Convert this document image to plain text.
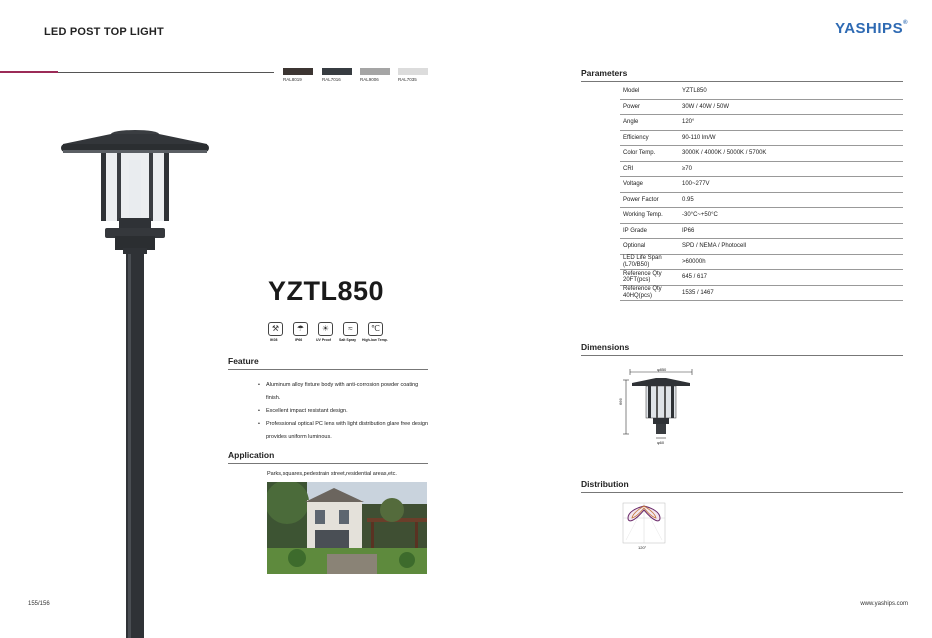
LED POST TOP LIGHT	YASHIPS®
RAL8019	RAL7016	RAL9006	RAL7035
YZTL850
⚒	☂	☀	≈	℃
IK08	IP66	UV Proof Salt Spray High-low Temp.
Feature
• Aluminum alloy fixture body with anti-corrosion powder coating finish.
• Excellent impact resistant design.
• Professional optical PC lens with light distribution glare free design provides uniform luminous.
Application
Parks,squares,pedestrain street,residential areas,etc.
Parameters
Model	YZTL850
Power	30W / 40W / 50W
Angle	120°
Efficiency	90-110 lm/W
Color Temp.	3000K / 4000K / 5000K / 5700K
CRI	≥70
Voltage	100~277V
Power Factor	0.95
Working Temp.	-30°C~+50°C
IP Grade	IP66
Optional	SPD / NEMA / Photocell
LED Life Span (L70/B50)	>60000h
Reference Qty 20FT(pcs)	645 / 617
Reference Qty 40HQ(pcs)	1535 / 1467
Dimensions
φ850
666
φ60
Distribution
120°
155/156	www.yaships.com
